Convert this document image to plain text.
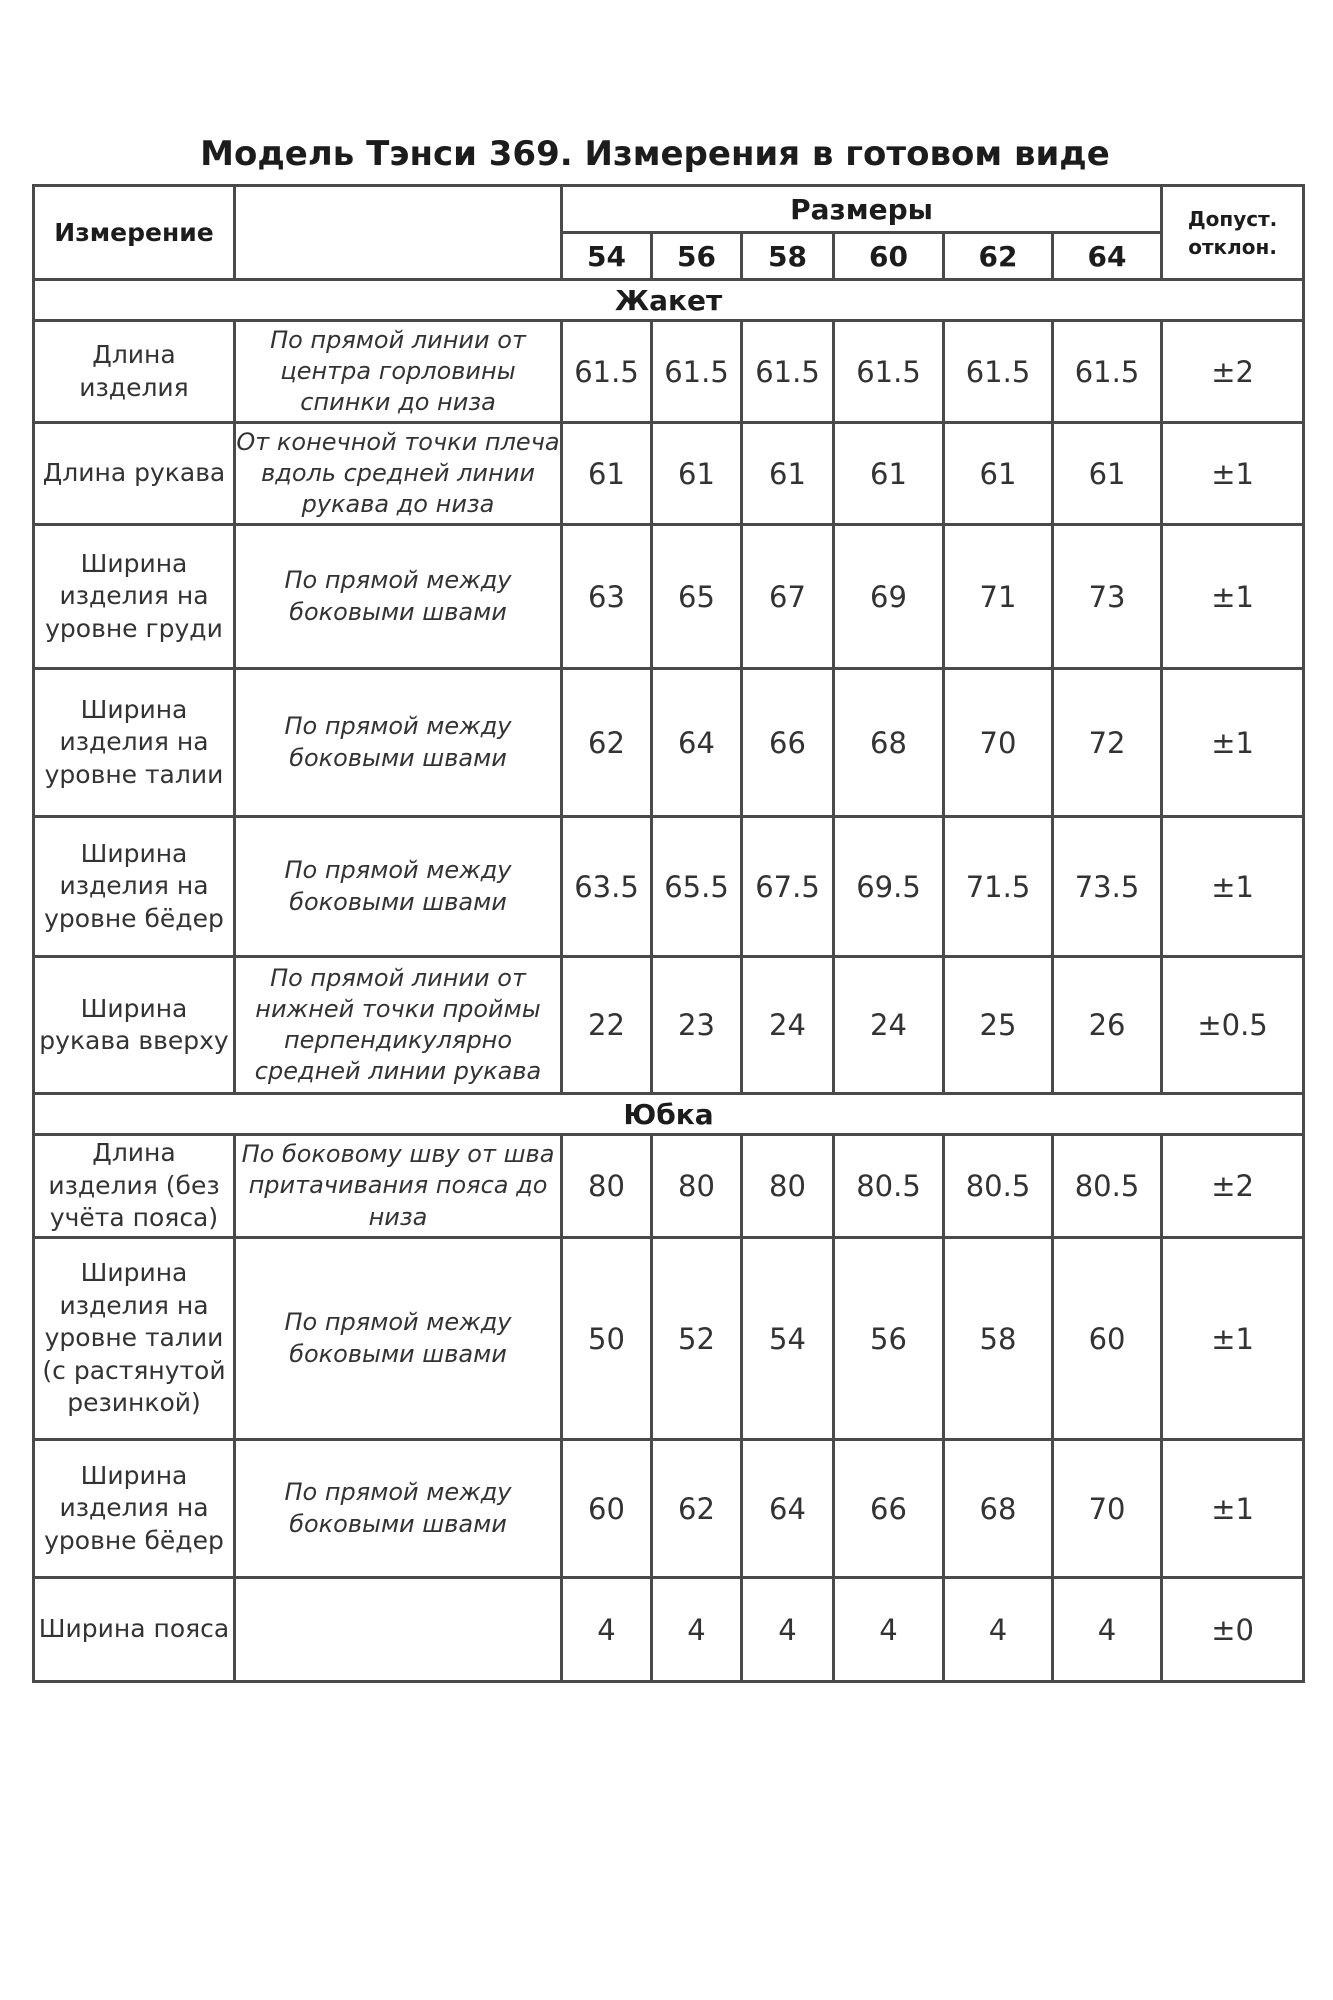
Модель Тэнси 369. Измерения в готовом виде
Измерение		Размеры						Допуст. отклон.
		54	56	58	60	62	64	
Жакет								
Длина изделия	По прямой линии от центра горловины спинки до низа	61.5	61.5	61.5	61.5	61.5	61.5	±2
Длина рукава	От конечной точки плеча вдоль средней линии рукава до низа	61	61	61	61	61	61	±1
Ширина изделия на уровне груди	По прямой между боковыми швами	63	65	67	69	71	73	±1
Ширина изделия на уровне талии	По прямой между боковыми швами	62	64	66	68	70	72	±1
Ширина изделия на уровне бёдер	По прямой между боковыми швами	63.5	65.5	67.5	69.5	71.5	73.5	±1
Ширина рукава вверху	По прямой линии от нижней точки проймы перпендикулярно средней линии рукава	22	23	24	24	25	26	±0.5
Юбка								
Длина изделия (без учёта пояса)	По боковому шву от шва притачивания пояса до низа	80	80	80	80.5	80.5	80.5	±2
Ширина изделия на уровне талии (с растянутой резинкой)	По прямой между боковыми швами	50	52	54	56	58	60	±1
Ширина изделия на уровне бёдер	По прямой между боковыми швами	60	62	64	66	68	70	±1
Ширина пояса		4	4	4	4	4	4	±0
